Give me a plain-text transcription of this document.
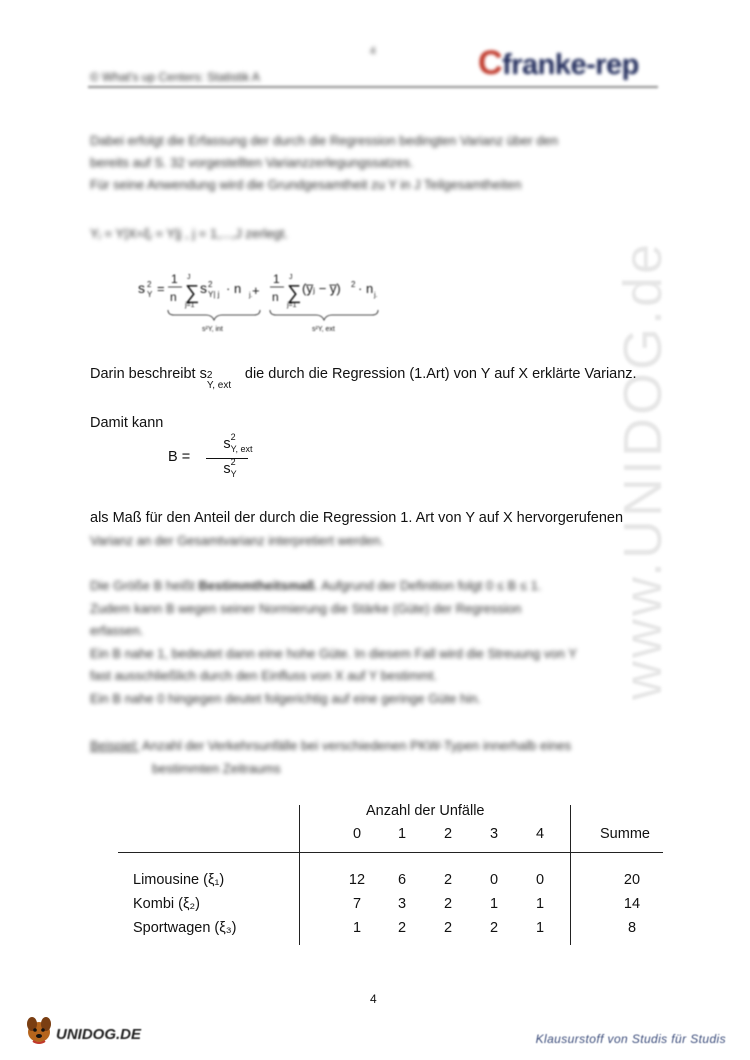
www.UNIDOG.de
4
© What's up Centers: Statistik A	Cfranke-rep
Dabei erfolgt die Erfassung der durch die Regression bedingten Varianz über den
bereits auf S. 32 vorgestellten Varianzzerlegungssatzes.
Für seine Anwendung wird die Grundgesamtheit zu Y in J Teilgesamtheiten
Yⱼ = Y|X=ξⱼ = Y|j , j = 1,...,J zerlegt.
s 2
Y =
1
n ∑
J
j=1
s 2
Y| j · n j. +
1
n ∑
J
j=1
(y̅ⱼ − y̅) 2 · n j.
s²Y, int	s²Y, ext
Darin beschreibt s 2
Y, ext
die durch die Regression (1.Art) von Y auf X erklärte Varianz.
Damit kann
B =
s 2
Y, ext
s 2
Y
als Maß für den Anteil der durch die Regression 1. Art von Y auf X hervorgerufenen
Varianz an der Gesamtvarianz interpretiert werden.
Die Größe B heißt Bestimmtheitsmaß. Aufgrund der Definition folgt 0 ≤ B ≤ 1.
Zudem kann B wegen seiner Normierung die Stärke (Güte) der Regression
erfassen.
Ein B nahe 1, bedeutet dann eine hohe Güte. In diesem Fall wird die Streuung von Y
fast ausschließlich durch den Einfluss von X auf Y bestimmt.
Ein B nahe 0 hingegen deutet folgerichtig auf eine geringe Güte hin.
Beispiel: Anzahl der Verkehrsunfälle bei verschiedenen PKW-Typen innerhalb eines
bestimmten Zeitraums
Anzahl der Unfälle
0	1	2	3	4	Summe
Limousine (ξ₁)	12	6	2	0	0	20
Kombi (ξ₂)	7	3	2	1	1	14
Sportwagen (ξ₃)	1	2	2	2	1	8
4
UNIDOG.DE	Klausurstoff von Studis für Studis
